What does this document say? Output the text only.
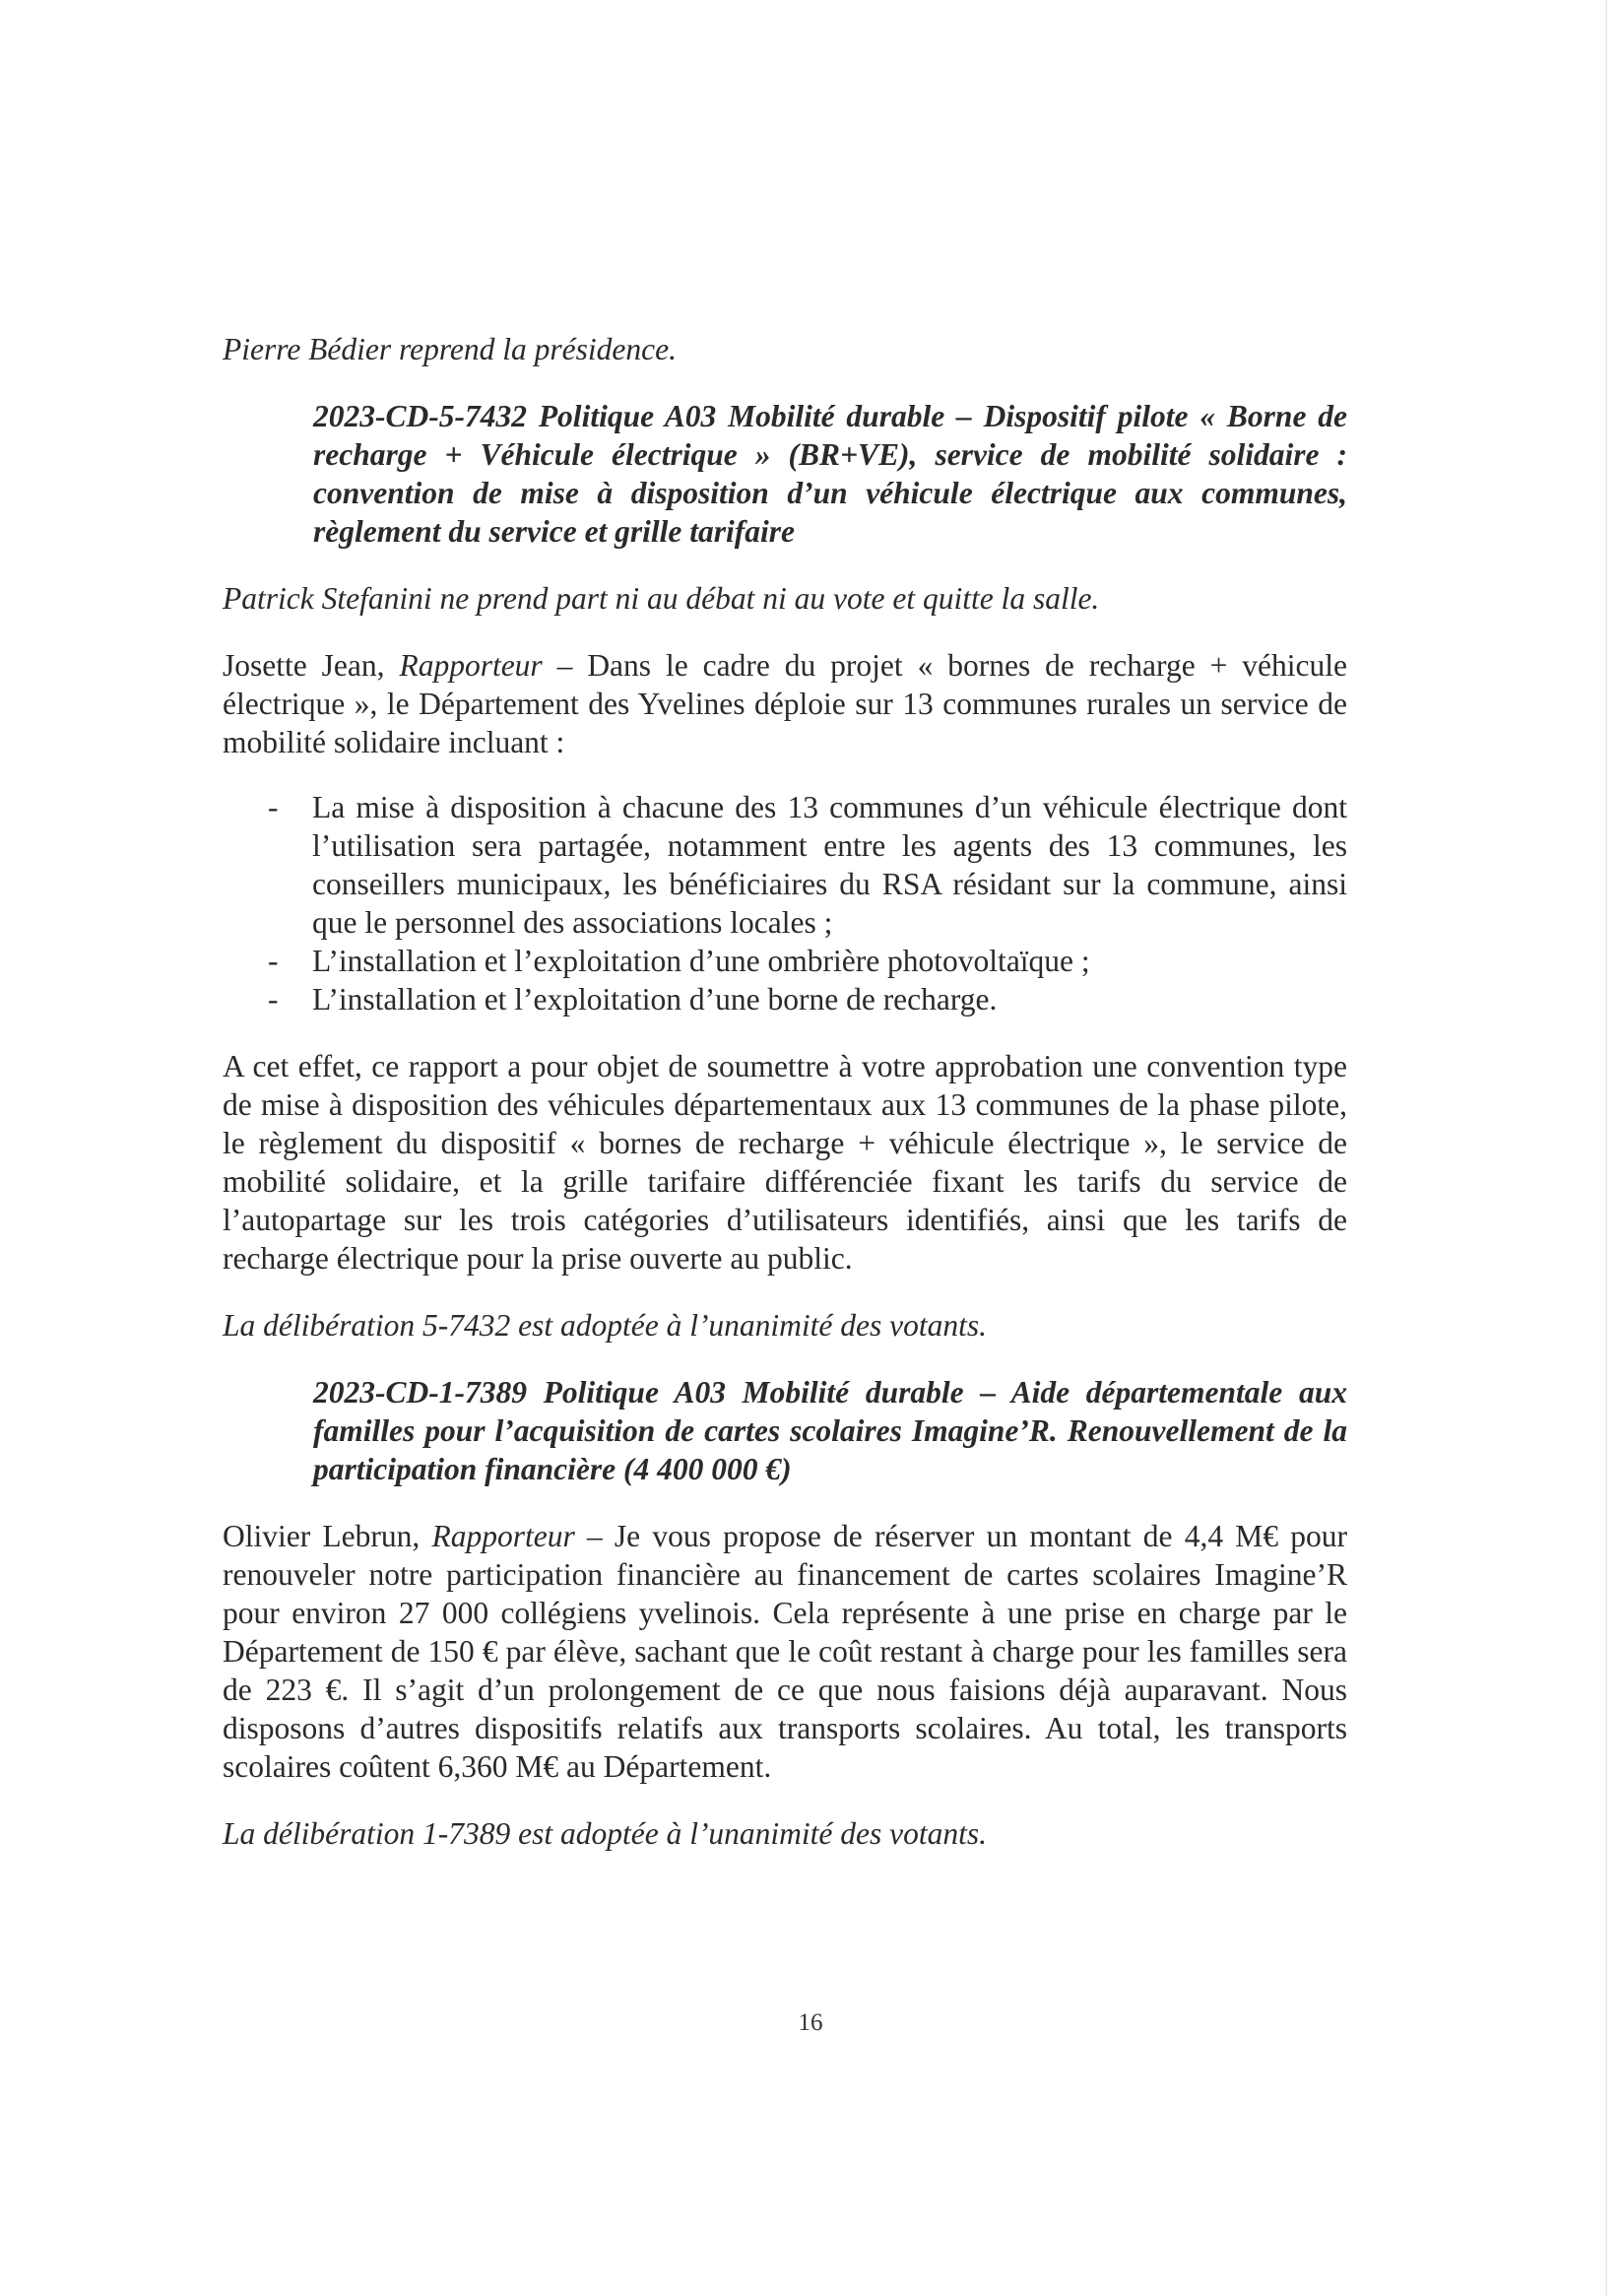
Pierre Bédier reprend la présidence.

2023-CD-5-7432 Politique A03 Mobilité durable – Dispositif pilote « Borne de recharge + Véhicule électrique » (BR+VE), service de mobilité solidaire : convention de mise à disposition d’un véhicule électrique aux communes, règlement du service et grille tarifaire

Patrick Stefanini ne prend part ni au débat ni au vote et quitte la salle.

Josette Jean, Rapporteur – Dans le cadre du projet « bornes de recharge + véhicule électrique », le Département des Yvelines déploie sur 13 communes rurales un service de mobilité solidaire incluant :

- La mise à disposition à chacune des 13 communes d’un véhicule électrique dont l’utilisation sera partagée, notamment entre les agents des 13 communes, les conseillers municipaux, les bénéficiaires du RSA résidant sur la commune, ainsi que le personnel des associations locales ;
- L’installation et l’exploitation d’une ombrière photovoltaïque ;
- L’installation et l’exploitation d’une borne de recharge.

A cet effet, ce rapport a pour objet de soumettre à votre approbation une convention type de mise à disposition des véhicules départementaux aux 13 communes de la phase pilote, le règlement du dispositif « bornes de recharge + véhicule électrique », le service de mobilité solidaire, et la grille tarifaire différenciée fixant les tarifs du service de l’autopartage sur les trois catégories d’utilisateurs identifiés, ainsi que les tarifs de recharge électrique pour la prise ouverte au public.

La délibération 5-7432 est adoptée à l’unanimité des votants.

2023-CD-1-7389 Politique A03 Mobilité durable – Aide départementale aux familles pour l’acquisition de cartes scolaires Imagine’R. Renouvellement de la participation financière (4 400 000 €)

Olivier Lebrun, Rapporteur – Je vous propose de réserver un montant de 4,4 M€ pour renouveler notre participation financière au financement de cartes scolaires Imagine’R pour environ 27 000 collégiens yvelinois. Cela représente à une prise en charge par le Département de 150 € par élève, sachant que le coût restant à charge pour les familles sera de 223 €. Il s’agit d’un prolongement de ce que nous faisions déjà auparavant. Nous disposons d’autres dispositifs relatifs aux transports scolaires. Au total, les transports scolaires coûtent 6,360 M€ au Département.

La délibération 1-7389 est adoptée à l’unanimité des votants.

16
